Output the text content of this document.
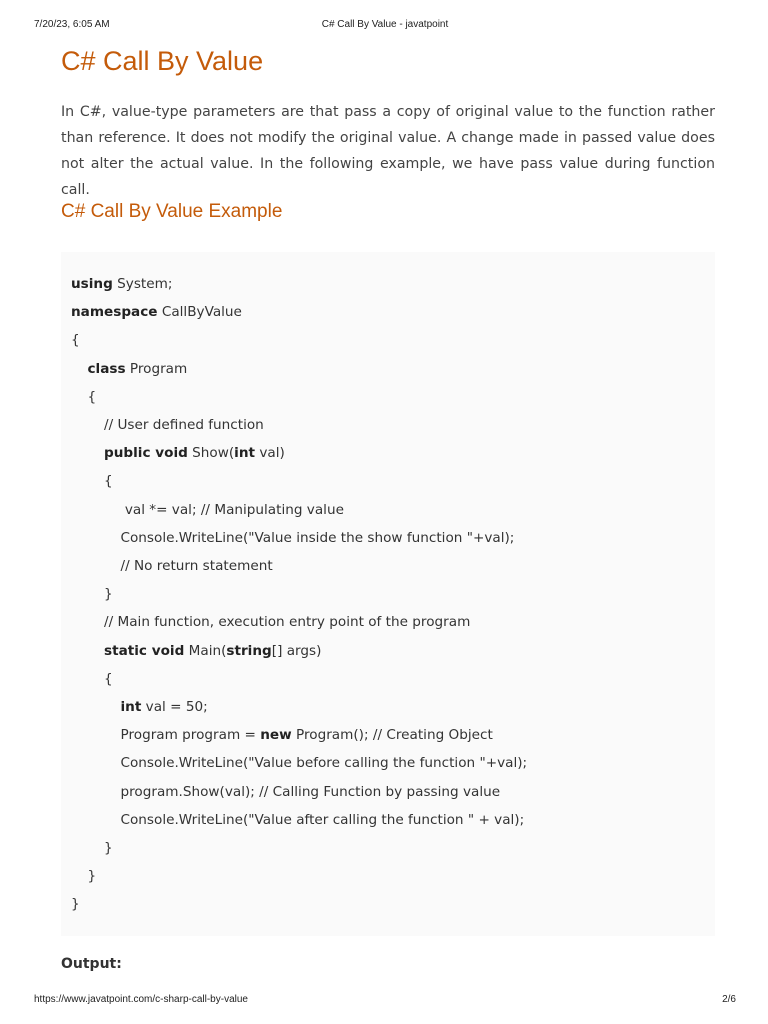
7/20/23, 6:05 AM	C# Call By Value - javatpoint
C# Call By Value

In C#, value-type parameters are that pass a copy of original value to the function rather than reference. It does not modify the original value. A change made in passed value does not alter the actual value. In the following example, we have pass value during function call.

C# Call By Value Example
using System;
namespace CallByValue
{
class Program
{
// User defined function
public void Show(int val)
{
val *= val; // Manipulating value
Console.WriteLine("Value inside the show function "+val);
// No return statement
}
// Main function, execution entry point of the program
static void Main(string[] args)
{
int val = 50;
Program program = new Program(); // Creating Object
Console.WriteLine("Value before calling the function "+val);
program.Show(val); // Calling Function by passing value
Console.WriteLine("Value after calling the function " + val);
}
}
}
Output:
https://www.javatpoint.com/c-sharp-call-by-value	2/6
